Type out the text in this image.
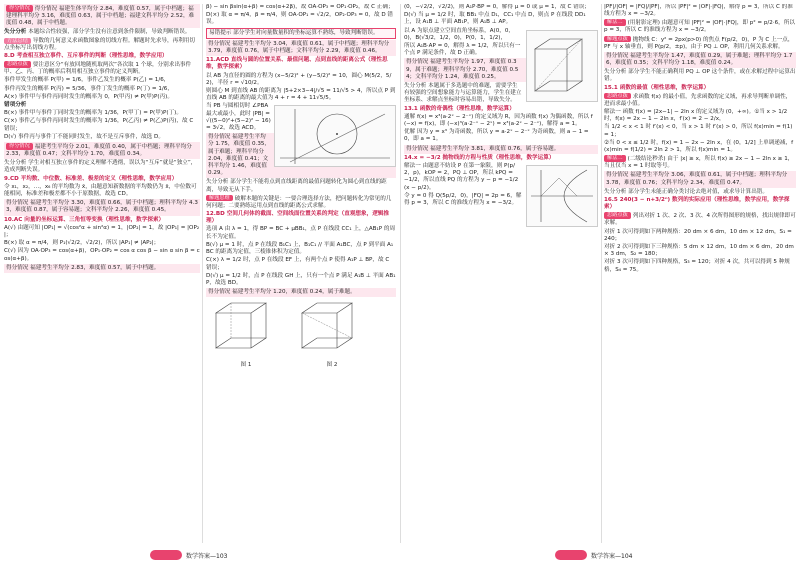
得分情况 得分情况 福建生体平均分 2.84，难度值 0.57，属于中档题；福建理科平均分 3.16，难度值 0.63，属于中档题；福建文科平均分 2.52，难度值 0.48，属于中档题。
失分分析 本题综合性较强，部分学生没有注意到条件限制，导致判断错误。
方法总结 导数的几何意义求函数图象的切线方程。解题时先求导，再利用切点坐标写出切线方程。
8.D 考查相互独立事件、互斥事件的判断（理性思维，数学应用）
思路点拨 要注意区分“有放回地随机取两次”各次取 1 个球，分别求出事件甲、乙、丙、丁的概率后利用相互独立事件的定义判断。
事件甲发生的概率 P(甲) = 1/6，事件乙发生的概率 P(乙) = 1/6，
事件丙发生的概率 P(丙) = 5/36，事件丁发生的概率 P(丁) = 1/6，
A(×) 事件甲与事件丙同时发生的概率为 0，P(甲丙) ≠ P(甲)P(丙)。
错项分析
B(×) 事件甲与事件丁同时发生的概率为 1/36，P(甲丁) = P(甲)P(丁)。
C(×) 事件乙与事件丙同时发生的概率为 1/36，P(乙丙) ≠ P(乙)P(丙)，故 C 错误；
D(√) 事件丙与事件丁不能同时发生，故不是互斥事件，故选 D。
得分情况 福建考生平均分 2.01，难度值 0.40，属于中档题；理科平均分 2.33，难度值 0.47；文科平均分 1.70，难度值 0.34。
失分分析 学生对相互独立事件的定义理解不透彻，误以为“互斥”就是“独立”，造成判断失误。
9.CD 平均数、中位数、标准差、极差的定义（理性思维，数学应用）
令 x₁，x₂，…，x₆ 的平均数为 x̄，由题意知新数据的平均数仍为 x̄，中位数可能相同，标准差和极差都不小于原数据，故选 CD。
得分情况 福建考生平均分 3.30，难度值 0.66，属于中档题；理科平均分 4.33，难度值 0.87，属于容易题；文科平均分 2.26，难度值 0.45。
10.AC 向量的坐标运算、三角恒等变换（理性思维，数学探索）
A(√) 由题可知 |OP₁| = √(cos²α + sin²α) = 1，|OP₂| = 1，故 |OP₁| = |OP₂|；
B(×) 取 α = π/4，则 P₁(√2/2，√2/2)，所以 |AP₁| ≠ |AP₂|；
C(√) 因为 OA·OP₃ = cos(α+β)，OP₁·OP₂ = cos α cos β − sin α sin β = cos(α+β)。
得分情况 福建考生平均分 2.83，难度值 0.57，属于中档题。
β) − sin βsin(α+β) = cos(α+2β)，故 OA·OP₃ = OP₁·OP₂，故 C 正确；
D(×) 取 α = π/4，β = π/4，则 OA·OP₁ = √2/2，OP₂·OP₃ = 0，故 D 错误。
易错提示 部分学生对向量数量积的坐标运算不熟练，导致判断错误。
得分情况 福建考生平均分 3.04，难度值 0.61，属于中档题；理科平均分 3.79，难度值 0.76，属于中档题；文科平均分 2.29，难度值 0.46。
11.ACD 直线与圆的位置关系、最值问题、点到直线的距离公式（理性思维，数学探索）
以 AB 为直径的圆的方程为 (x−5/2)² + (y−5/2)² = 10，圆心 M(5/2，5/2)，半径 r = √10/2。
则圆心 M 到直线 AB 的距离为 |5+2×3−4|/√5 = 11/√5 > 4，所以点 P 到直线 AB 的距离的最大值为 4 + r = 4 + 11√5/5。
当 PB 与圆相切时 ∠PBA 最大或最小，此时 |PB| = √((5−0)²+(5−2)² − 16) = 3√2，故选 ACD。
得分情况 福建考生平均分 1.75，难度值 0.35，属于难题；理科平均分 2.04，难度值 0.41；文科平均分 1.46，难度值 0.29。
失分分析 部分学生不能将点到直线距离的最值问题转化为圆心到直线的距离，导致无从下手。
解题思维 破解本题的关键是：一要合理选择方法，把问题转化为常见的几何问题；二要熟练运用点到直线的距离公式求解。
12.BD 空间几何体的截面、空间线面位置关系的判定（直观想象，逻辑推理）
选项 A 由 λ = 1，得 BP = BC + μBB₁，点 P 在线段 CC₁ 上，△AB₁P 的周长不为定值。
B(√) μ = 1 时，点 P 在线段 B₁C₁ 上，B₁C₁ // 平面 A₁BC，点 P 到平面 A₁BC 的距离为定值，三棱锥体积为定值。
C(×) λ = 1/2 时，点 P 在线段 EF 上，有两个点 P 使得 A₁P ⊥ BP，故 C 错误；
D(√) μ = 1/2 时，点 P 在线段 GH 上，只有一个点 P 满足 A₁B ⊥ 平面 AB₁P，故选 BD。
得分情况 福建考生平均分 1.20，难度值 0.24，属于难题。
图 1	图 2
(0，−√2/2，√2/2)，则 A₁P·BP = 0，解得 μ = 0 或 μ = 1，故 C 错误；
D(√) 当 μ = 1/2 时，取 BB₁ 中点 D₁，CC₁ 中点 D，则点 P 在线段 DD₁ 上，设 A₁B ⊥ 平面 AB₁P，则 A₁B ⊥ AP。
以 A 为原点建立空间直角坐标系，A(0，0，0)，B(√3/2，1/2，0)，P(0，1，1/2)，
所以 A₁B·AP = 0，解得 λ = 1/2，所以只有一个点 P 满足条件，故 D 正确。
得分情况 福建考生平均分 1.97，难度值 0.39，属于难题；理科平均分 2.70，难度值 0.54；文科平均分 1.24，难度值 0.25。
失分分析 本题属于多选题中的难题，需要学生有较强的空间想象能力与运算能力，学生在建立坐标系、求解点坐标时容易出错，导致失分。
13.1 函数的奇偶性（理性思维，数学运算）
通解 f(x) = x³(a·2ˣ − 2⁻ˣ) 的定义域为 R，因为函数 f(x) 为偶函数，所以 f(−x) = f(x)，即 (−x)³(a·2⁻ˣ − 2ˣ) = x³(a·2ˣ − 2⁻ˣ)，解得 a = 1。
优解 因为 y = x³ 为奇函数，所以 y = a·2ˣ − 2⁻ˣ 为奇函数，则 a − 1 = 0，即 a = 1。
得分情况 福建考生平均分 3.81，难度值 0.76，属于容易题。
14.x = −3/2 抛物线的方程与性质（理性思维，数学运算）
解法一 由题意不妨设 P 在第一象限，则 P(p/2，p)，kOP = 2，PQ ⊥ OP，所以 kPQ = −1/2，所以直线 PQ 的方程为 y − p = −1/2(x − p/2)。
令 y = 0 得 Q(5p/2，0)，|FQ| = 2p = 6，解得 p = 3，所以 C 的准线方程为 x = −3/2。
|PF|/|OF| = |FQ|/|PF|，所以 |PF|² = |OF|·|FQ|，解得 p = 3，所以 C 的准线方程为 x = −3/2。
解法二 (用射影定理) 由题意可知 |PF|² = |OF|·|FQ|，即 p² = p/2·6，所以 p = 3，所以 C 的准线方程为 x = −3/2。
解题点拨 抛物线 C：y² = 2px(p>0) 的焦点 F(p/2，0)，P 为 C 上一点，PF 与 x 轴垂直，则 P(p/2，±p)，由于 PQ ⊥ OP，利用几何关系求解。
得分情况 福建考生平均分 1.47，难度值 0.29，属于难题；理科平均分 1.76，难度值 0.35；文科平均分 1.18，难度值 0.24。
失分分析 部分学生不能正确利用 PQ ⊥ OP 这个条件，或在求解过程中运算出错。
15.1 函数的最值（理性思维，数学运算）
思路点拨 求函数 f(x) 的最小值，先求函数的定义域，再求导判断单调性，进而求最小值。
解法一 函数 f(x) = |2x−1| − 2ln x 的定义域为 (0，+∞)。①当 x > 1/2 时，f(x) = 2x − 1 − 2ln x，f′(x) = 2 − 2/x，
当 1/2 < x < 1 时 f′(x) < 0，当 x > 1 时 f′(x) > 0，所以 f(x)min = f(1) = 1；
②当 0 < x ≤ 1/2 时，f(x) = 1 − 2x − 2ln x，在 (0，1/2] 上单调递减，f(x)min = f(1/2) = 2ln 2 > 1，所以 f(x)min = 1。
解法二 (二级结论秒杀) 由于 |x| ≥ x，所以 f(x) ≥ 2x − 1 − 2ln x ≥ 1，当且仅当 x = 1 时取等号。
得分情况 福建考生平均分 3.06，难度值 0.61，属于中档题；理科平均分 3.78，难度值 0.76；文科平均分 2.34，难度值 0.47。
失分分析 部分学生未能正确分类讨论去绝对值，或求导计算出错。
16.5 240(3 − n+3/2ⁿ) 数列的实际应用（理性思维，数学应用，数学探索）
思路点拨 列出对折 1 次、2 次、3 次、4 次所得图形的规格，找出规律即可求解。
对折 1 次可得到如下两种规格：20 dm × 6 dm，10 dm × 12 dm，S₁ = 240；
对折 2 次可得到如下三种规格：5 dm × 12 dm，10 dm × 6 dm，20 dm × 3 dm，S₂ = 180；
对折 3 次可得到如下四种规格，S₃ = 120；对折 4 次，共可以得到 5 种规格，S₄ = 75。
数学答案—103	数学答案—104
